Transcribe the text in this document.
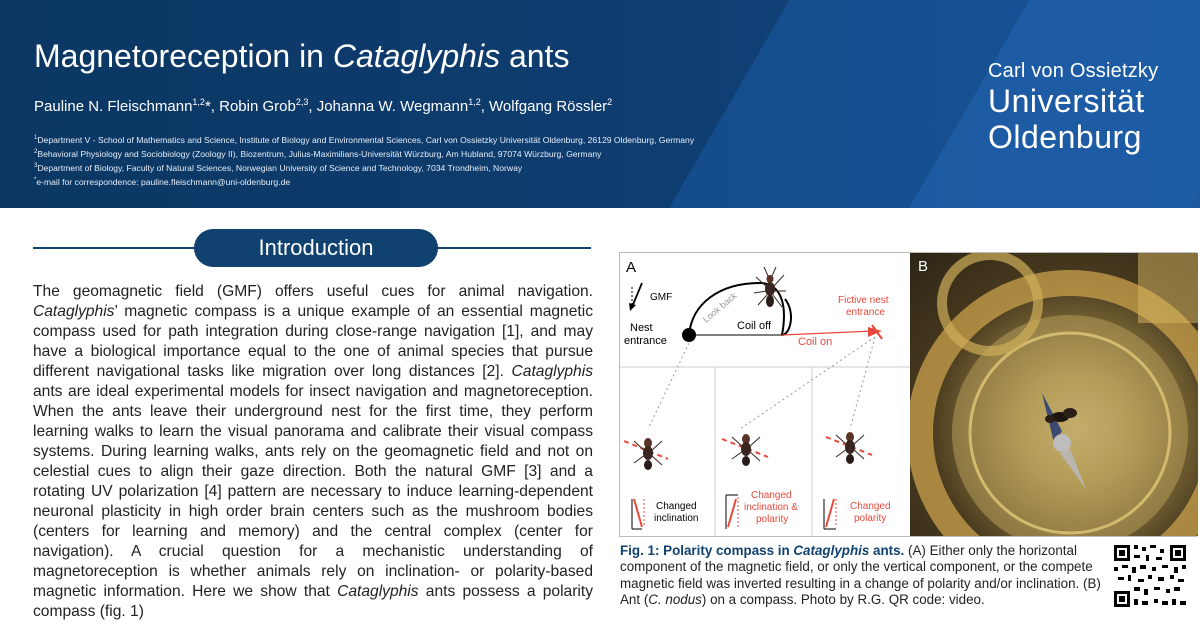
Magnetoreception in Cataglyphis ants
Pauline N. Fleischmann$^{1,2}$*, Robin Grob$^{2,3}$, Johanna W. Wegmann$^{1,2}$, Wolfgang Rössler$^2$
$^1$Department V - School of Mathematics and Science, Institute of Biology and Environmental Sciences, Carl von Ossietzky Universität Oldenburg, 26129 Oldenburg, Germany
$^2$Behavioral Physiology and Sociobiology (Zoology II), Biozentrum, Julius-Maximilians-Universität Würzburg, Am Hubland, 97074 Würzburg, Germany
$^3$Department of Biology, Faculty of Natural Sciences, Norwegian University of Science and Technology, 7034 Trondheim, Norway
*e-mail for correspondence: pauline.fleischmann@uni-oldenburg.de
Carl von Ossietzky
Universität
Oldenburg
Introduction
The geomagnetic field (GMF) offers useful cues for animal navigation. Cataglyphis’ magnetic compass is a unique example of an essential magnetic compass used for path integration during close-range navigation [1], and may have a biological importance equal to the one of animal species that pursue different navigational tasks like migration over long distances [2]. Cataglyphis ants are ideal experimental models for insect navigation and magnetoreception. When the ants leave their underground nest for the first time, they perform learning walks to learn the visual panorama and calibrate their visual compass systems. During learning walks, ants rely on the geomagnetic field and not on celestial cues to align their gaze direction. Both the natural GMF [3] and a rotating UV polarization [4] pattern are necessary to induce learning-dependent neuronal plasticity in high order brain centers such as the mushroom bodies (centers for learning and memory) and the central complex (center for navigation). A crucial question for a mechanistic understanding of magnetoreception is whether animals rely on inclination- or polarity-based magnetic information. Here we show that Cataglyphis ants possess a polarity compass (fig. 1)
A
GMF
Nest
entrance
Look back
Coil off
Coil on
Fictive nest
entrance
Changed
inclination
Changed
inclination &
polarity
Changed
polarity
B
Fig. 1: Polarity compass in Cataglyphis ants. (A) Either only the horizontal component of the magnetic field, or only the vertical component, or the compete magnetic field was inverted resulting in a change of polarity and/or inclination. (B) Ant (C. nodus) on a compass. Photo by R.G. QR code: video.
